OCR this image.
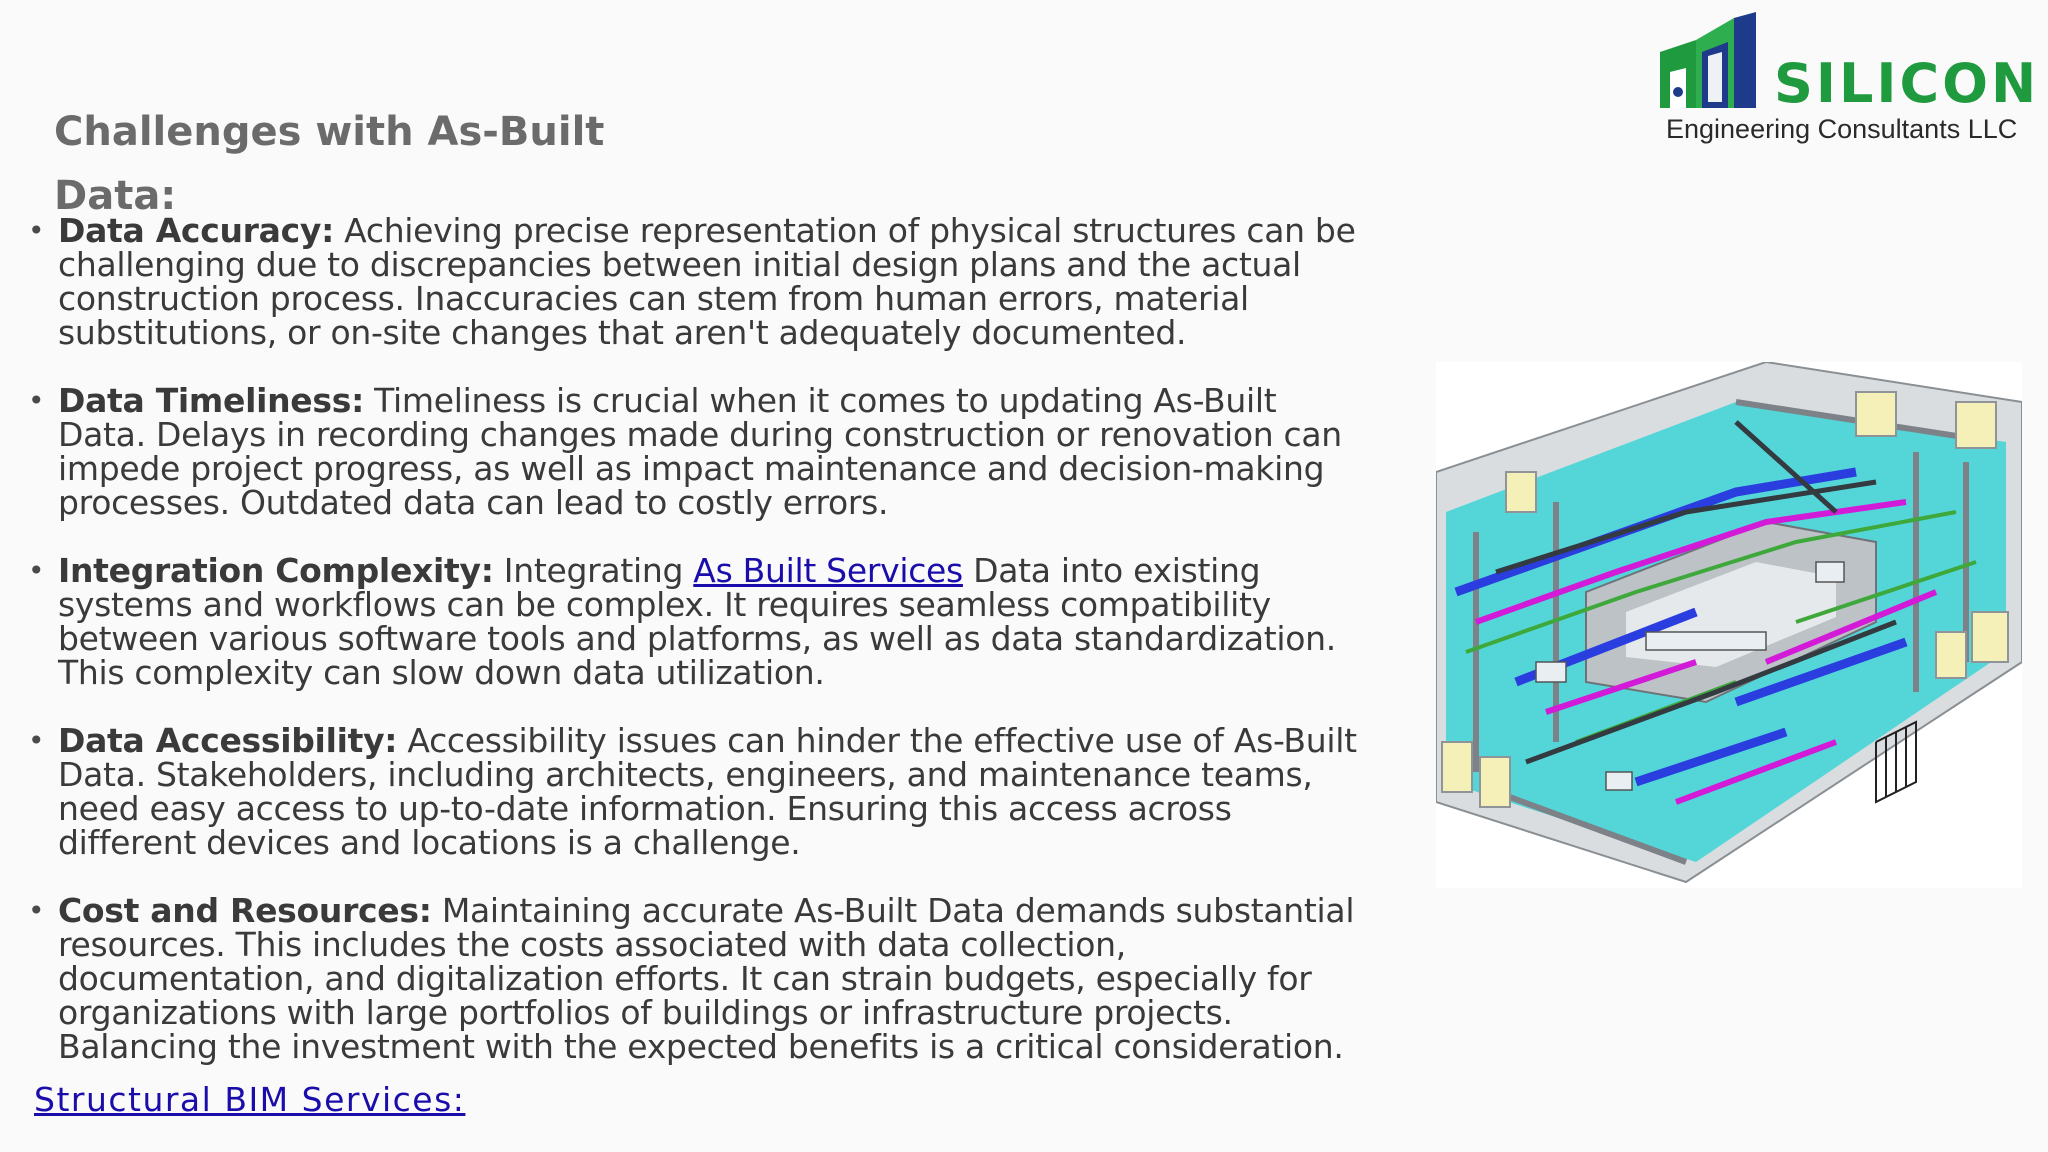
Challenges with As-Built Data:
• Data Accuracy: Achieving precise representation of physical structures can be challenging due to discrepancies between initial design plans and the actual construction process. Inaccuracies can stem from human errors, material substitutions, or on-site changes that aren't adequately documented.
• Data Timeliness: Timeliness is crucial when it comes to updating As-Built Data. Delays in recording changes made during construction or renovation can impede project progress, as well as impact maintenance and decision-making processes. Outdated data can lead to costly errors.
• Integration Complexity: Integrating As Built Services Data into existing systems and workflows can be complex. It requires seamless compatibility between various software tools and platforms, as well as data standardization. This complexity can slow down data utilization.
• Data Accessibility: Accessibility issues can hinder the effective use of As-Built Data. Stakeholders, including architects, engineers, and maintenance teams, need easy access to up-to-date information. Ensuring this access across different devices and locations is a challenge.
• Cost and Resources: Maintaining accurate As-Built Data demands substantial resources. This includes the costs associated with data collection, documentation, and digitalization efforts. It can strain budgets, especially for organizations with large portfolios of buildings or infrastructure projects. Balancing the investment with the expected benefits is a critical consideration.
Structural BIM Services:
SILICON
Engineering Consultants LLC
